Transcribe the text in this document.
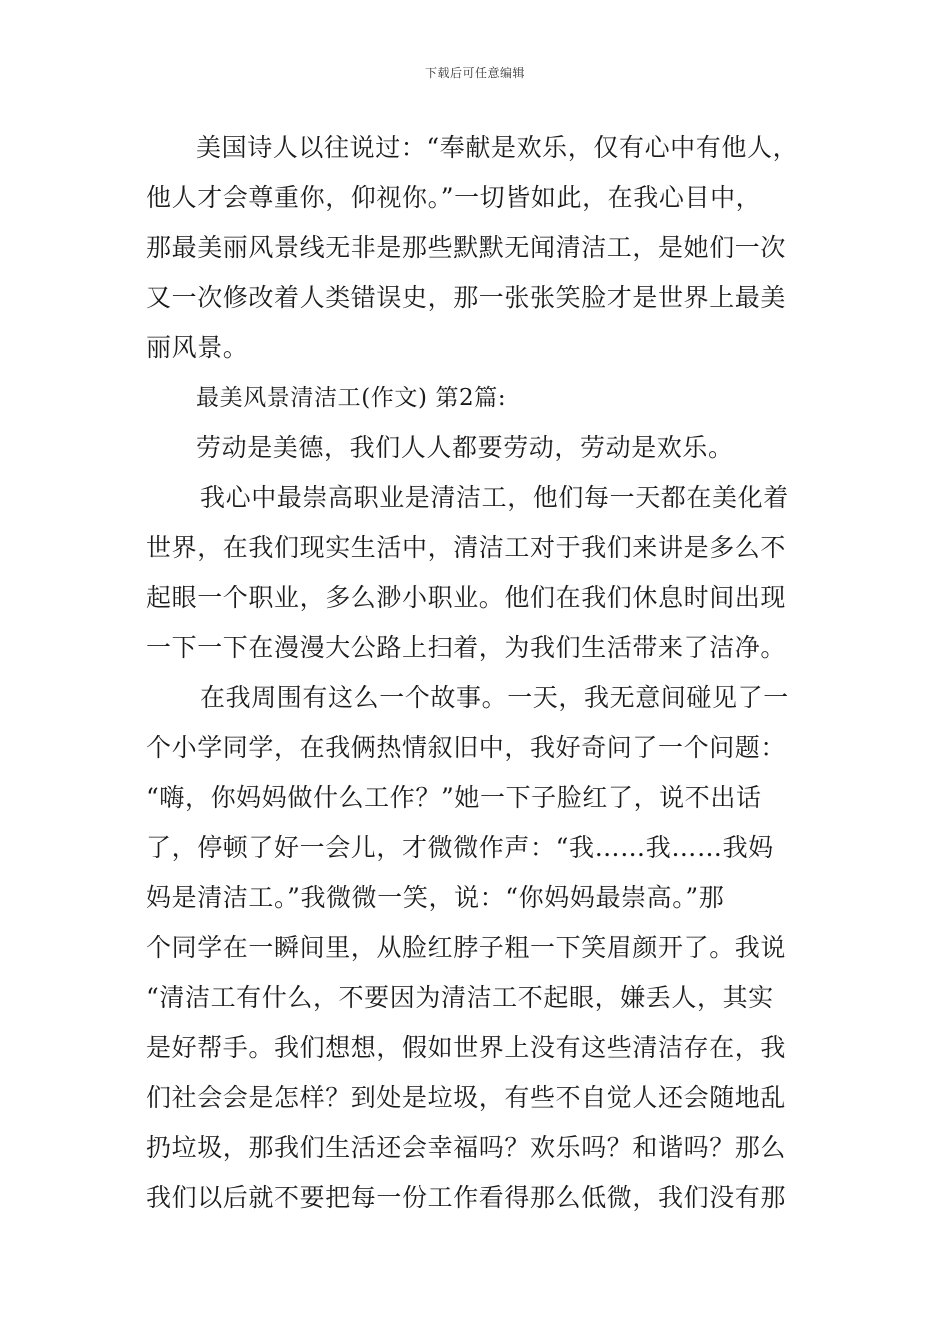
下载后可任意编辑
美国诗人以往说过：“奉献是欢乐，仅有心中有他人，
他人才会尊重你，仰视你。”一切皆如此，在我心目中，
那最美丽风景线无非是那些默默无闻清洁工，是她们一次
又一次修改着人类错误史，那一张张笑脸才是世界上最美
丽风景。
最美风景清洁工(作文) 第2篇:
劳动是美德，我们人人都要劳动，劳动是欢乐。
我心中最崇高职业是清洁工，他们每一天都在美化着
世界，在我们现实生活中，清洁工对于我们来讲是多么不
起眼一个职业，多么渺小职业。他们在我们休息时间出现
一下一下在漫漫大公路上扫着，为我们生活带来了洁净。
在我周围有这么一个故事。一天，我无意间碰见了一
个小学同学，在我俩热情叙旧中，我好奇问了一个问题：
“嗨，你妈妈做什么工作？”她一下子脸红了，说不出话
了，停顿了好一会儿，才微微作声：“我……我……我妈
妈是清洁工。”我微微一笑，说：“你妈妈最崇高。”那
个同学在一瞬间里，从脸红脖子粗一下笑眉颜开了。我说
“清洁工有什么，不要因为清洁工不起眼，嫌丢人，其实
是好帮手。我们想想，假如世界上没有这些清洁存在，我
们社会会是怎样？到处是垃圾，有些不自觉人还会随地乱
扔垃圾，那我们生活还会幸福吗？欢乐吗？和谐吗？那么
我们以后就不要把每一份工作看得那么低微，我们没有那
